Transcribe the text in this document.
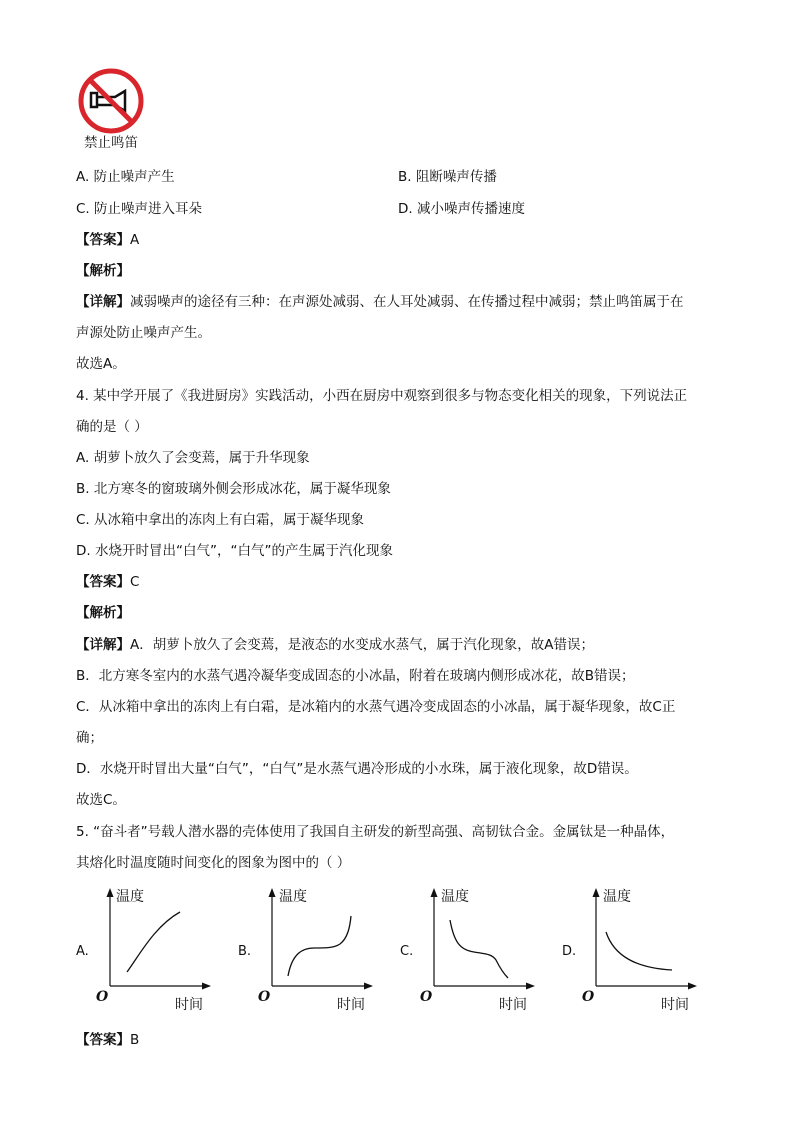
禁止鸣笛
A. 防止噪声产生	B. 阻断噪声传播
C. 防止噪声进入耳朵	D. 减小噪声传播速度
【答案】A
【解析】
【详解】减弱噪声的途径有三种：在声源处减弱、在人耳处减弱、在传播过程中减弱；禁止鸣笛属于在
声源处防止噪声产生。
故选A。
4. 某中学开展了《我进厨房》实践活动，小西在厨房中观察到很多与物态变化相关的现象，下列说法正
确的是（ ）
A. 胡萝卜放久了会变蔫，属于升华现象
B. 北方寒冬的窗玻璃外侧会形成冰花，属于凝华现象
C. 从冰箱中拿出的冻肉上有白霜，属于凝华现象
D. 水烧开时冒出“白气”，“白气”的产生属于汽化现象
【答案】C
【解析】
【详解】A．胡萝卜放久了会变蔫，是液态的水变成水蒸气，属于汽化现象，故A错误；
B．北方寒冬室内的水蒸气遇冷凝华变成固态的小冰晶，附着在玻璃内侧形成冰花，故B错误；
C．从冰箱中拿出的冻肉上有白霜，是冰箱内的水蒸气遇冷变成固态的小冰晶，属于凝华现象，故C正
确；
D．水烧开时冒出大量“白气”，“白气”是水蒸气遇冷形成的小水珠，属于液化现象，故D错误。
故选C。
5. “奋斗者”号载人潜水器的壳体使用了我国自主研发的新型高强、高韧钛合金。金属钛是一种晶体，
其熔化时温度随时间变化的图象为图中的（ ）
A.
温度
时间
O
B.
温度
时间
O
C.
温度
时间
O
D.
温度
时间
O
【答案】B
